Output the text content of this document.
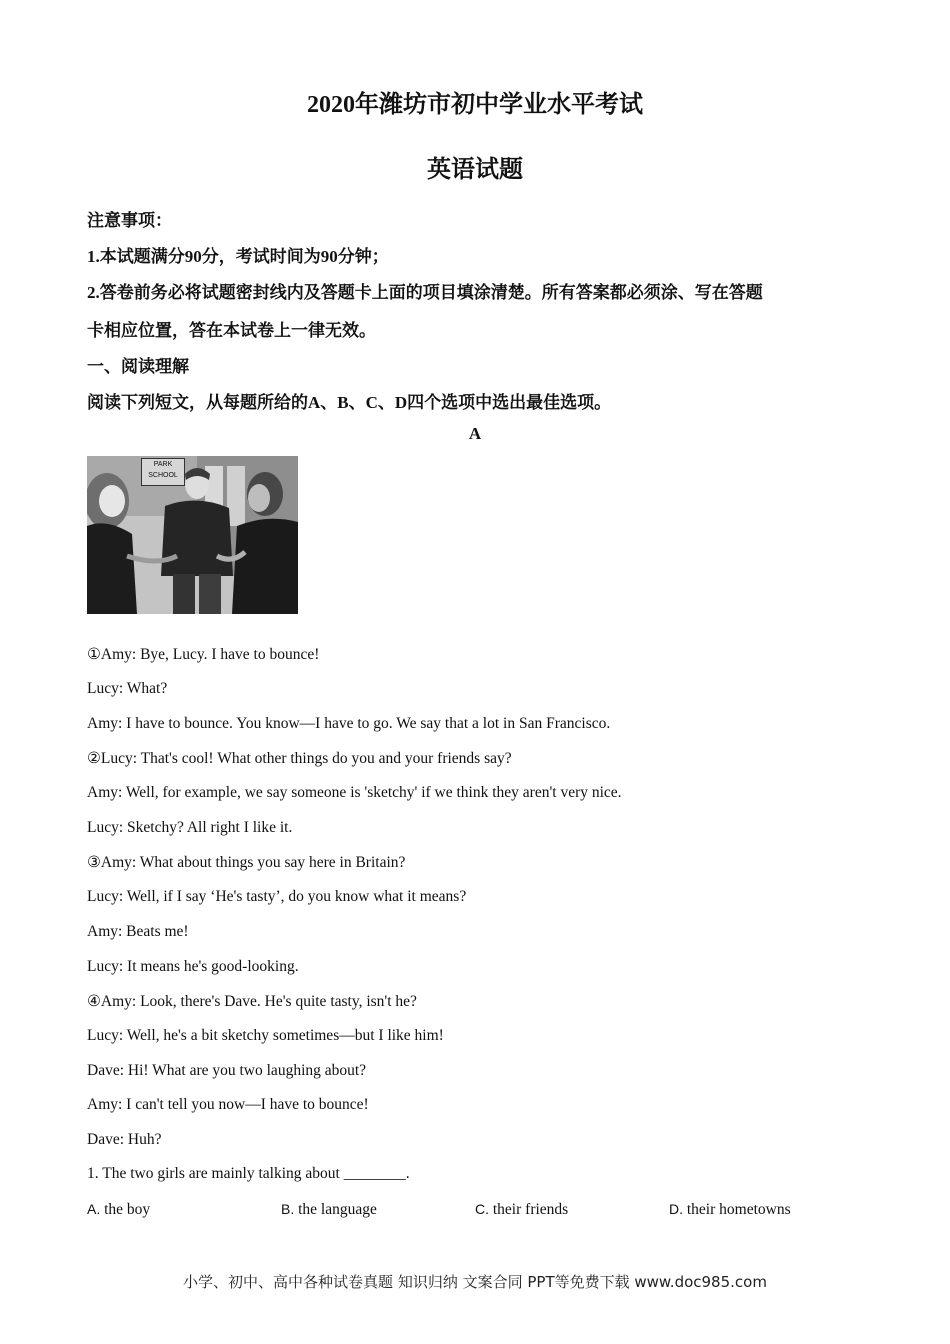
2020年潍坊市初中学业水平考试
英语试题
注意事项：
1.本试题满分90分，考试时间为90分钟；
2.答卷前务必将试题密封线内及答题卡上面的项目填涂清楚。所有答案都必须涂、写在答题
卡相应位置，答在本试卷上一律无效。
一、阅读理解
阅读下列短文，从每题所给的A、B、C、D四个选项中选出最佳选项。
A
PARK
SCHOOL
①Amy: Bye, Lucy. I have to bounce!
Lucy: What?
Amy: I have to bounce. You know—I have to go. We say that a lot in San Francisco.
②Lucy: That's cool! What other things do you and your friends say?
Amy: Well, for example, we say someone is 'sketchy' if we think they aren't very nice.
Lucy: Sketchy? All right I like it.
③Amy: What about things you say here in Britain?
Lucy: Well, if I say ‘He's tasty’, do you know what it means?
Amy: Beats me!
Lucy: It means he's good-looking.
④Amy: Look, there's Dave. He's quite tasty, isn't he?
Lucy: Well, he's a bit sketchy sometimes—but I like him!
Dave: Hi! What are you two laughing about?
Amy: I can't tell you now—I have to bounce!
Dave: Huh?
1. The two girls are mainly talking about ________.
A. the boy	B. the language	C. their friends	D. their hometowns
小学、初中、高中各种试卷真题 知识归纳 文案合同 PPT等免费下载 www.doc985.com
